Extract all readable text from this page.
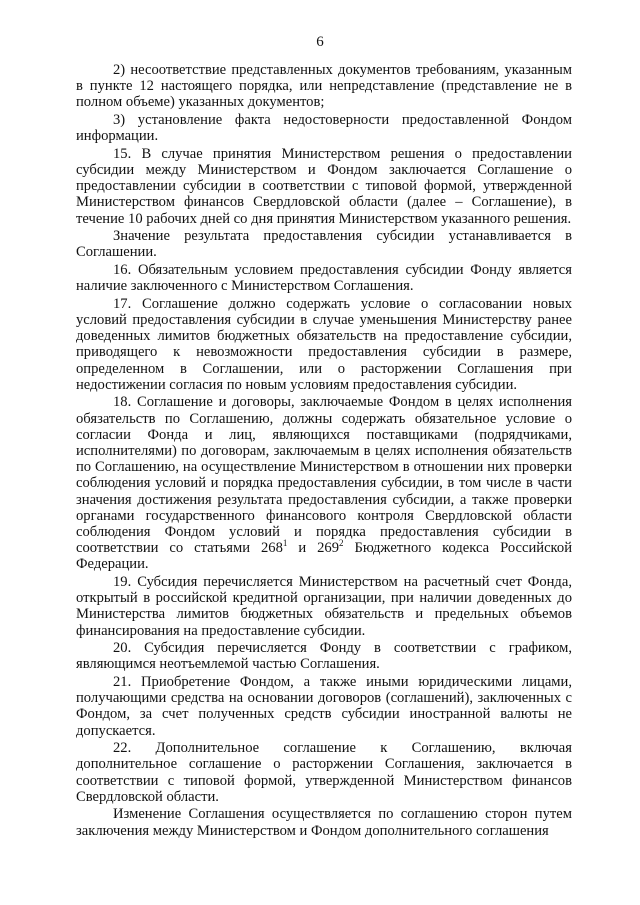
6

2) несоответствие представленных документов требованиям, указанным в пункте 12 настоящего порядка, или непредставление (представление не в полном объеме) указанных документов;

3) установление факта недостоверности предоставленной Фондом информации.

15. В случае принятия Министерством решения о предоставлении субсидии между Министерством и Фондом заключается Соглашение о предоставлении субсидии в соответствии с типовой формой, утвержденной Министерством финансов Свердловской области (далее – Соглашение), в течение 10 рабочих дней со дня принятия Министерством указанного решения.

Значение результата предоставления субсидии устанавливается в Соглашении.

16. Обязательным условием предоставления субсидии Фонду является наличие заключенного с Министерством Соглашения.

17. Соглашение должно содержать условие о согласовании новых условий предоставления субсидии в случае уменьшения Министерству ранее доведенных лимитов бюджетных обязательств на предоставление субсидии, приводящего к невозможности предоставления субсидии в размере, определенном в Соглашении, или о расторжении Соглашения при недостижении согласия по новым условиям предоставления субсидии.

18. Соглашение и договоры, заключаемые Фондом в целях исполнения обязательств по Соглашению, должны содержать обязательное условие о согласии Фонда и лиц, являющихся поставщиками (подрядчиками, исполнителями) по договорам, заключаемым в целях исполнения обязательств по Соглашению, на осуществление Министерством в отношении них проверки соблюдения условий и порядка предоставления субсидии, в том числе в части значения достижения результата предоставления субсидии, а также проверки органами государственного финансового контроля Свердловской области соблюдения Фондом условий и порядка предоставления субсидии в соответствии со статьями $268^1$ и $269^2$ Бюджетного кодекса Российской Федерации.

19. Субсидия перечисляется Министерством на расчетный счет Фонда, открытый в российской кредитной организации, при наличии доведенных до Министерства лимитов бюджетных обязательств и предельных объемов финансирования на предоставление субсидии.

20. Субсидия перечисляется Фонду в соответствии с графиком, являющимся неотъемлемой частью Соглашения.

21. Приобретение Фондом, а также иными юридическими лицами, получающими средства на основании договоров (соглашений), заключенных с Фондом, за счет полученных средств субсидии иностранной валюты не допускается.

22. Дополнительное соглашение к Соглашению, включая дополнительное соглашение о расторжении Соглашения, заключается в соответствии с типовой формой, утвержденной Министерством финансов Свердловской области.

Изменение Соглашения осуществляется по соглашению сторон путем заключения между Министерством и Фондом дополнительного соглашения
